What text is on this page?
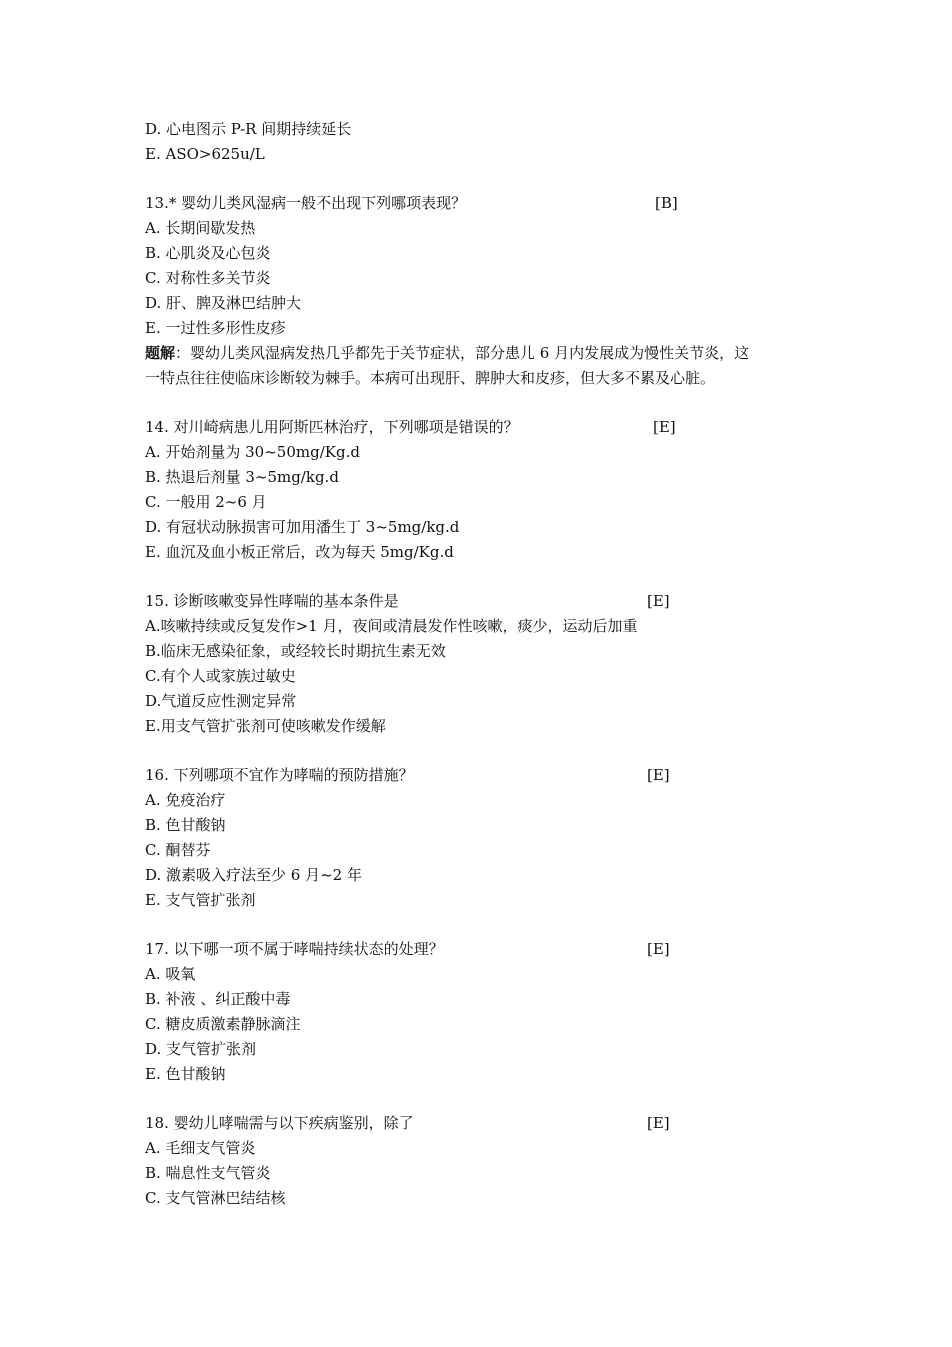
D. 心电图示 P-R 间期持续延长
E. ASO>625u/L
13.* 婴幼儿类风湿病一般不出现下列哪项表现？	[B]
A. 长期间歇发热
B. 心肌炎及心包炎
C. 对称性多关节炎
D. 肝、脾及淋巴结肿大
E. 一过性多形性皮疹
题解：婴幼儿类风湿病发热几乎都先于关节症状，部分患儿 6 月内发展成为慢性关节炎，这
一特点往往使临床诊断较为棘手。本病可出现肝、脾肿大和皮疹，但大多不累及心脏。
14. 对川崎病患儿用阿斯匹林治疗，下列哪项是错误的？	[E]
A. 开始剂量为 30~50mg/Kg.d
B. 热退后剂量 3~5mg/kg.d
C. 一般用 2~6 月
D. 有冠状动脉损害可加用潘生丁 3~5mg/kg.d
E. 血沉及血小板正常后，改为每天 5mg/Kg.d
15. 诊断咳嗽变异性哮喘的基本条件是	[E]
A.咳嗽持续或反复发作>1 月，夜间或清晨发作性咳嗽，痰少，运动后加重
B.临床无感染征象，或经较长时期抗生素无效
C.有个人或家族过敏史
D.气道反应性测定异常
E.用支气管扩张剂可使咳嗽发作缓解
16. 下列哪项不宜作为哮喘的预防措施？	[E]
A. 免疫治疗
B. 色甘酸钠
C. 酮替芬
D. 激素吸入疗法至少 6 月~2 年
E. 支气管扩张剂
17. 以下哪一项不属于哮喘持续状态的处理？	[E]
A. 吸氧
B. 补液 、纠正酸中毒
C. 糖皮质激素静脉滴注
D. 支气管扩张剂
E. 色甘酸钠
18. 婴幼儿哮喘需与以下疾病鉴别，除了	[E]
A. 毛细支气管炎
B. 喘息性支气管炎
C. 支气管淋巴结结核
